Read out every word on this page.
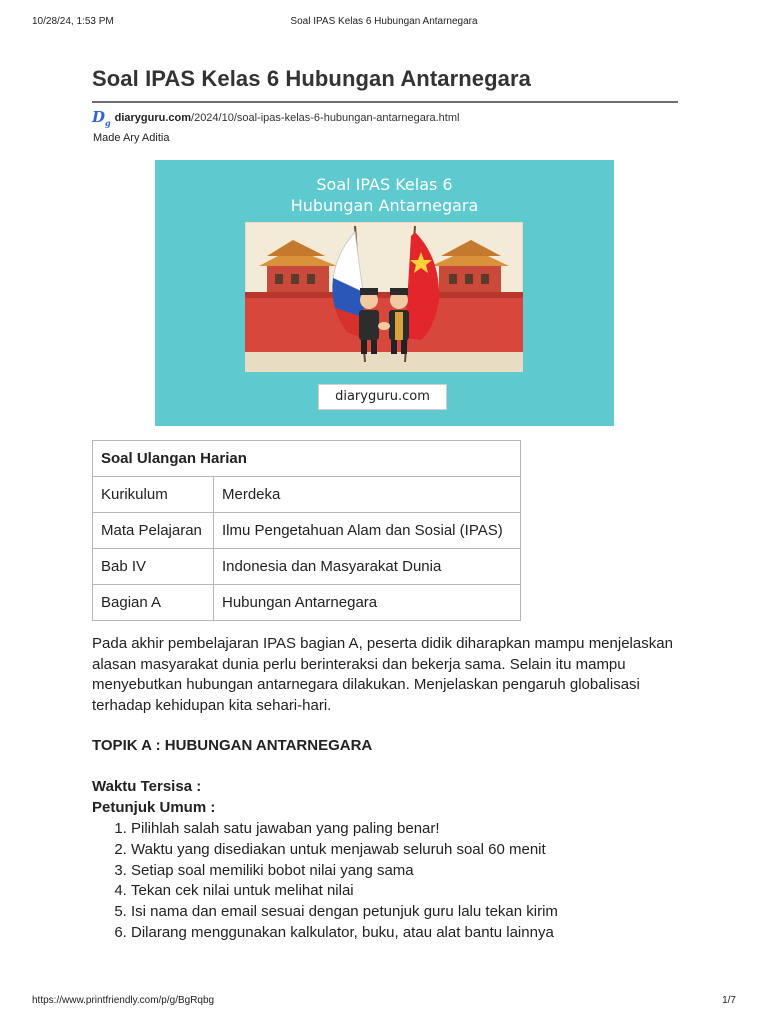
10/28/24, 1:53 PM	Soal IPAS Kelas 6 Hubungan Antarnegara
Soal IPAS Kelas 6 Hubungan Antarnegara
$D_g$ diaryguru.com/2024/10/soal-ipas-kelas-6-hubungan-antarnegara.html
Made Ary Aditia
Soal IPAS Kelas 6
Hubungan Antarnegara
diaryguru.com
Soal Ulangan Harian	
Kurikulum	Merdeka
Mata Pelajaran	Ilmu Pengetahuan Alam dan Sosial (IPAS)
Bab IV	Indonesia dan Masyarakat Dunia
Bagian A	Hubungan Antarnegara

Pada akhir pembelajaran IPAS bagian A, peserta didik diharapkan mampu menjelaskan alasan masyarakat dunia perlu berinteraksi dan bekerja sama. Selain itu mampu menyebutkan hubungan antarnegara dilakukan. Menjelaskan pengaruh globalisasi terhadap kehidupan kita sehari-hari.

TOPIK A : HUBUNGAN ANTARNEGARA
Waktu Tersisa :
Petunjuk Umum :
1. Pilihlah salah satu jawaban yang paling benar!
2. Waktu yang disediakan untuk menjawab seluruh soal 60 menit
3. Setiap soal memiliki bobot nilai yang sama
4. Tekan cek nilai untuk melihat nilai
5. Isi nama dan email sesuai dengan petunjuk guru lalu tekan kirim
6. Dilarang menggunakan kalkulator, buku, atau alat bantu lainnya
https://www.printfriendly.com/p/g/BgRqbg	1/7
